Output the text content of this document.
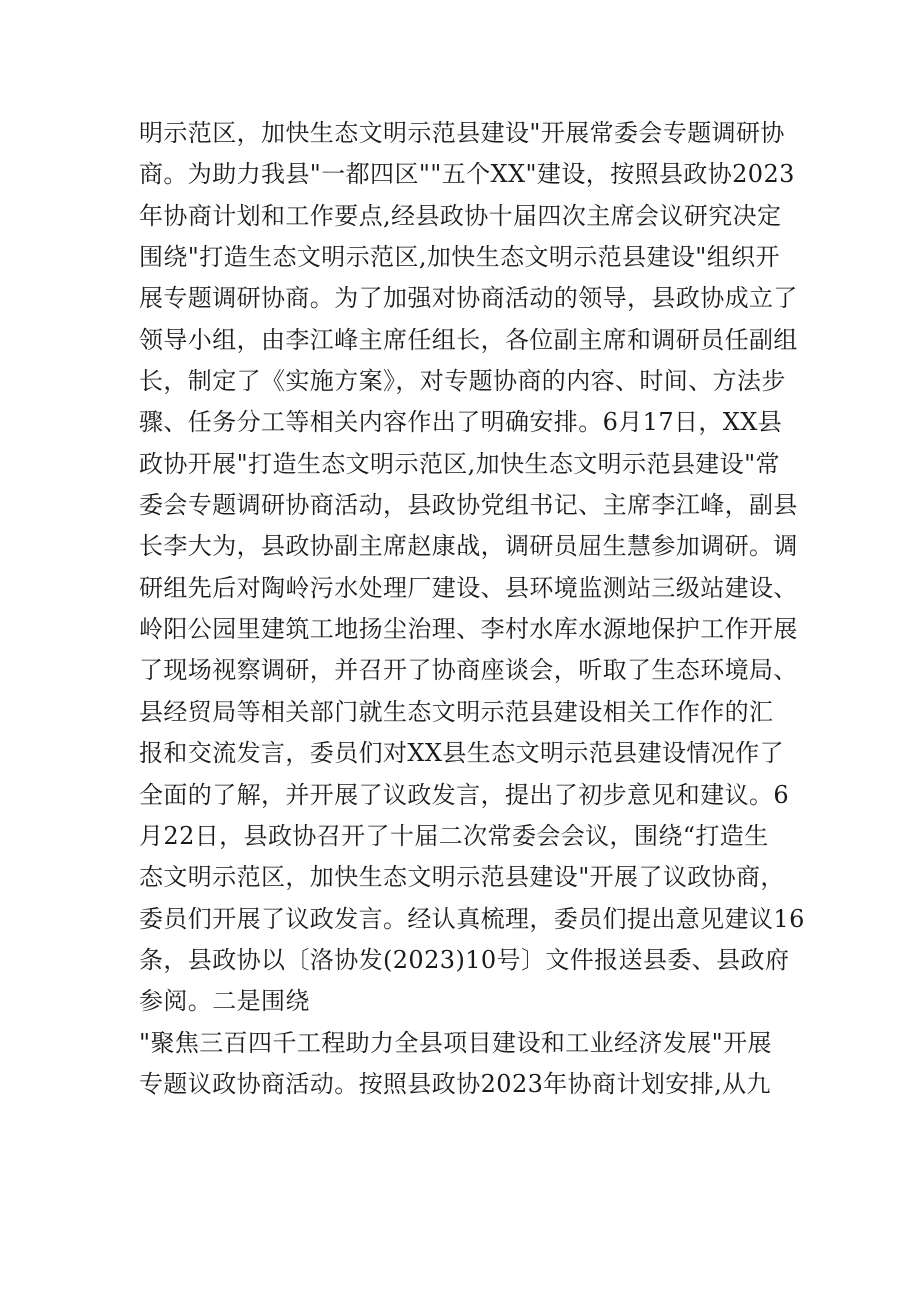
明示范区，加快生态文明示范县建设"开展常委会专题调研协
商。为助力我县"一都四区""五个XX"建设，按照县政协2023
年协商计划和工作要点,经县政协十届四次主席会议研究决定
围绕"打造生态文明示范区,加快生态文明示范县建设"组织开
展专题调研协商。为了加强对协商活动的领导，县政协成立了
领导小组，由李江峰主席任组长，各位副主席和调研员任副组
长，制定了《实施方案》，对专题协商的内容、时间、方法步
骤、任务分工等相关内容作出了明确安排。6月17日，XX县
政协开展"打造生态文明示范区,加快生态文明示范县建设"常
委会专题调研协商活动，县政协党组书记、主席李江峰，副县
长李大为，县政协副主席赵康战，调研员屈生慧参加调研。调
研组先后对陶岭污水处理厂建设、县环境监测站三级站建设、
岭阳公园里建筑工地扬尘治理、李村水库水源地保护工作开展
了现场视察调研，并召开了协商座谈会，听取了生态环境局、
县经贸局等相关部门就生态文明示范县建设相关工作作的汇
报和交流发言，委员们对XX县生态文明示范县建设情况作了
全面的了解，并开展了议政发言，提出了初步意见和建议。6
月22日，县政协召开了十届二次常委会会议，围绕“打造生
态文明示范区，加快生态文明示范县建设"开展了议政协商，
委员们开展了议政发言。经认真梳理，委员们提出意见建议16
条，县政协以〔洛协发(2023)10号〕文件报送县委、县政府
参阅。二是围绕
"聚焦三百四千工程助力全县项目建设和工业经济发展"开展
专题议政协商活动。按照县政协2023年协商计划安排,从九
